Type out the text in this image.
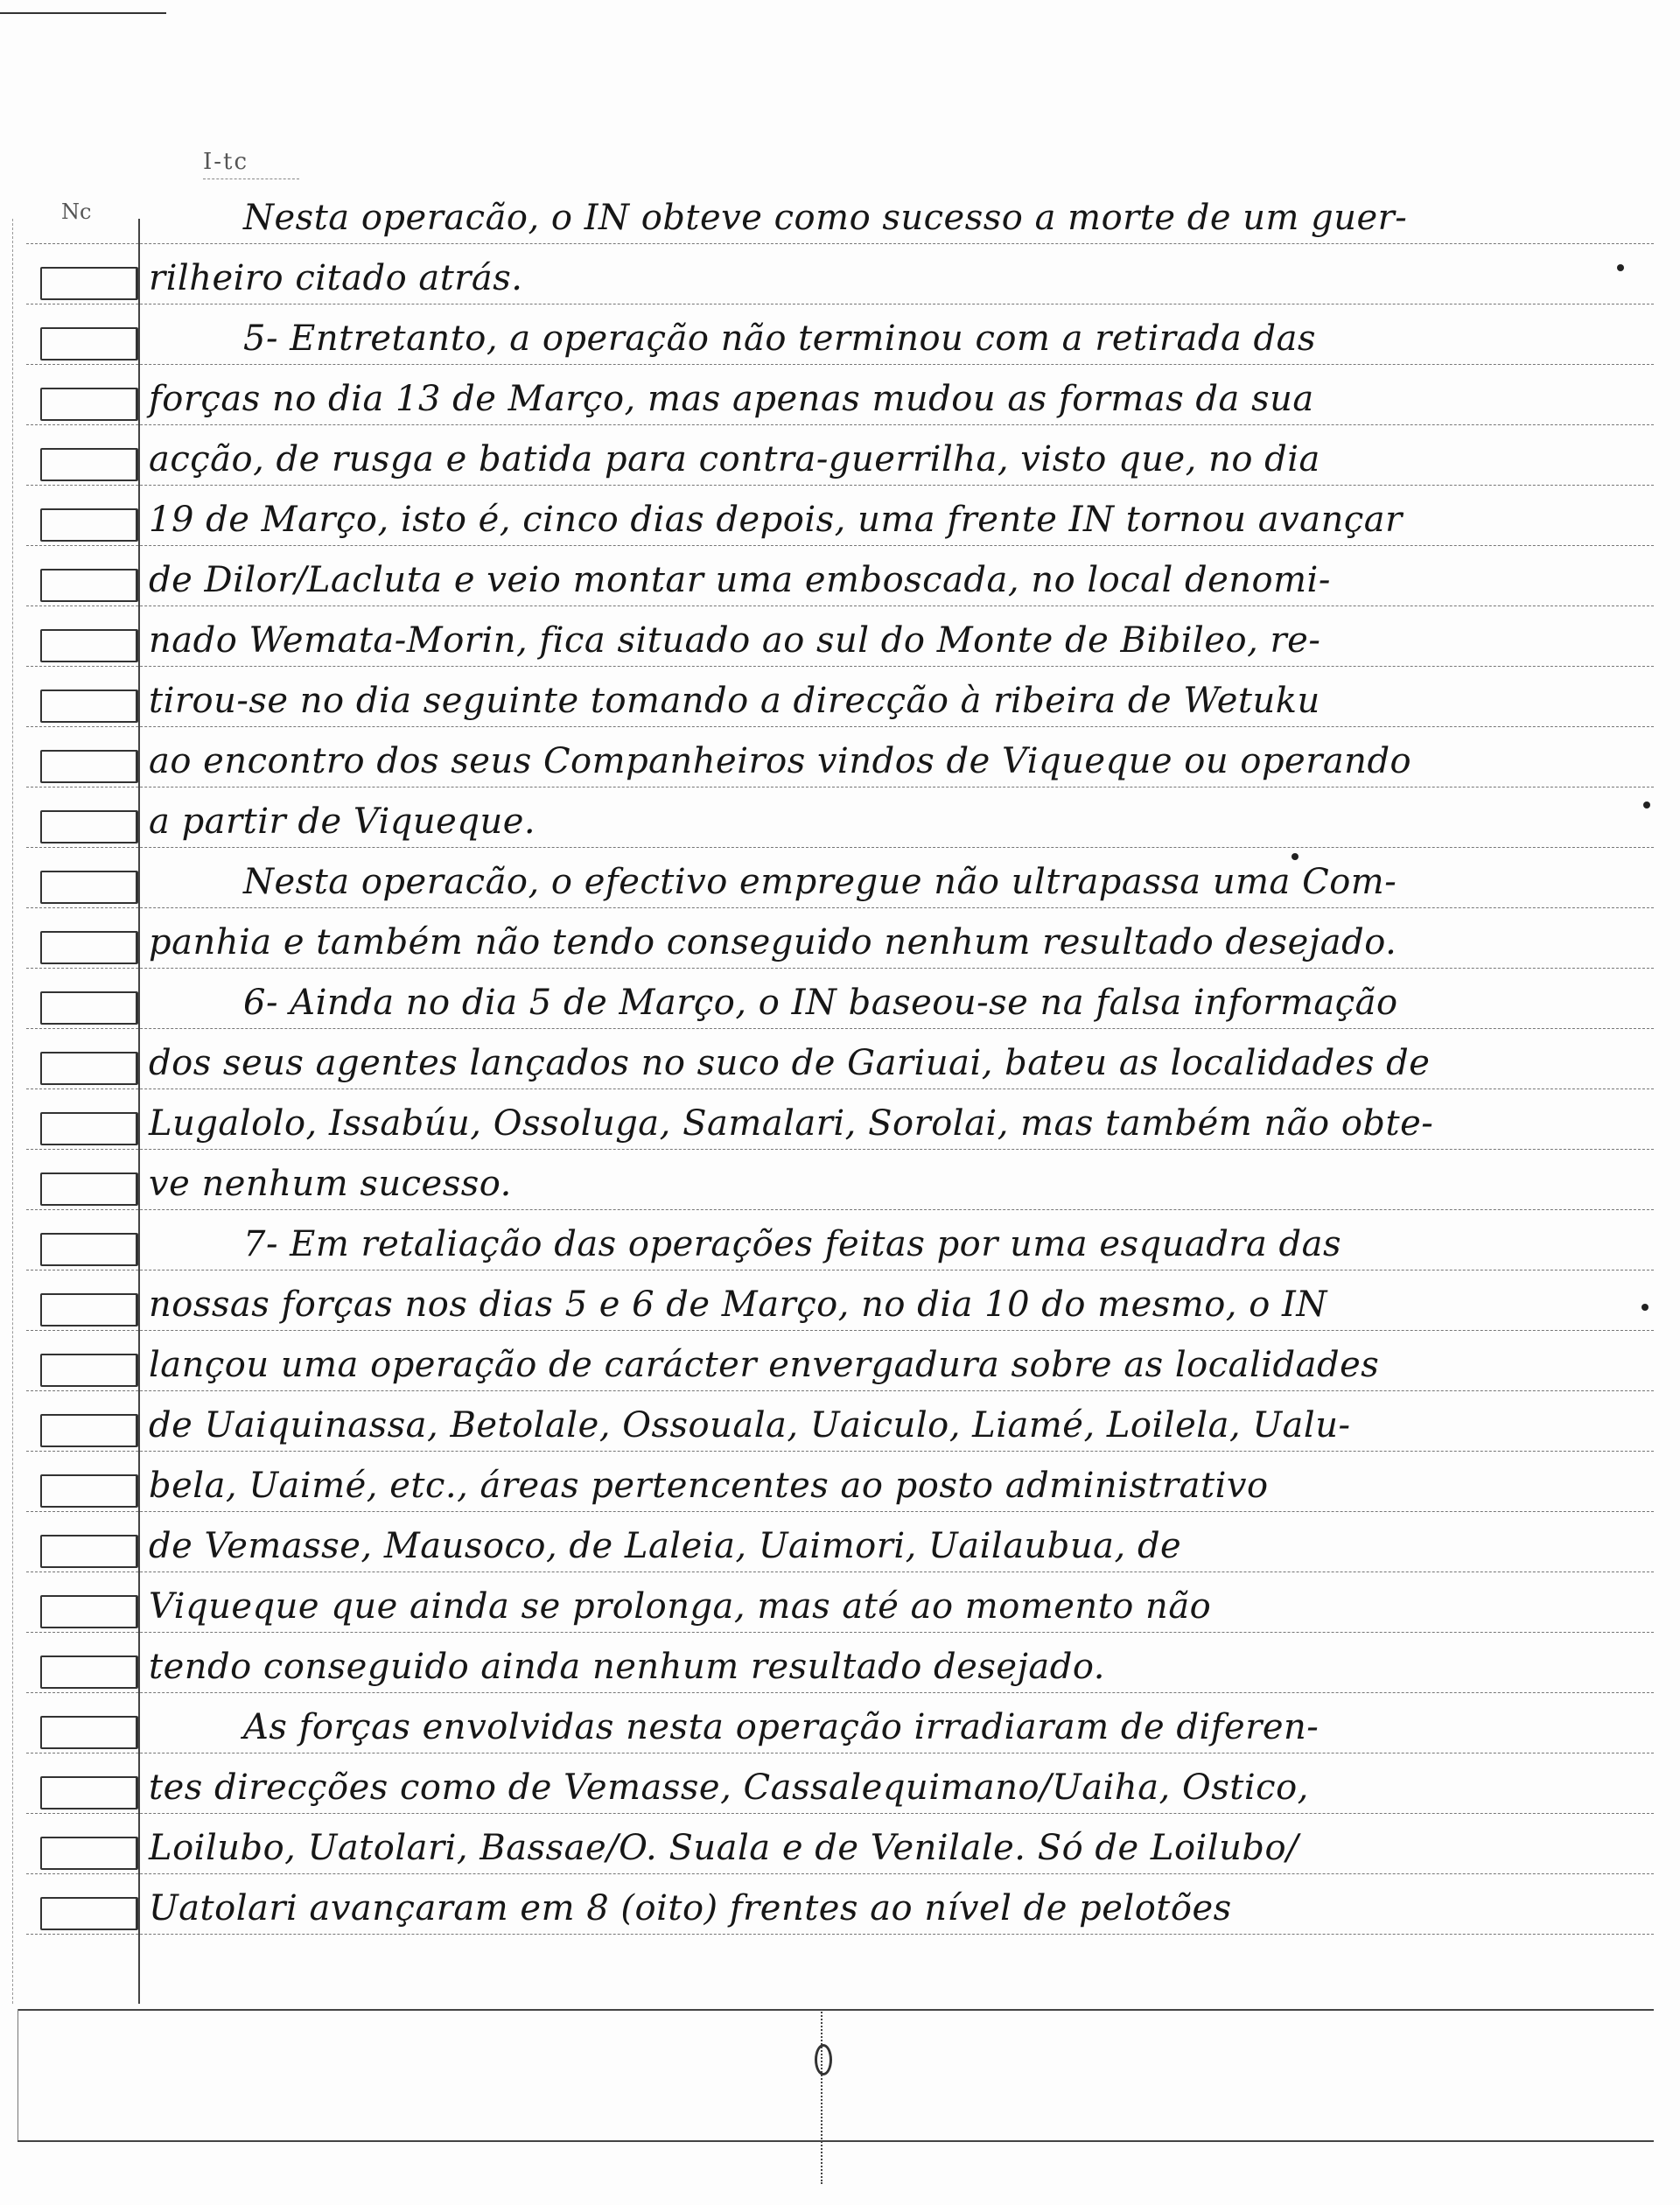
I-tc
Nc	Nesta operacão, o IN obteve como sucesso a morte de um guer-
rilheiro citado atrás.
5- Entretanto, a operação não terminou com a retirada das
forças no dia 13 de Março, mas apenas mudou as formas da sua
acção, de rusga e batida para contra-guerrilha, visto que, no dia
19 de Março, isto é, cinco dias depois, uma frente IN tornou avançar
de Dilor/Lacluta e veio montar uma emboscada, no local denomi-
nado Wemata-Morin, fica situado ao sul do Monte de Bibileo, re-
tirou-se no dia seguinte tomando a direcção à ribeira de Wetuku
ao encontro dos seus Companheiros vindos de Viqueque ou operando
a partir de Viqueque.
Nesta operacão, o efectivo empregue não ultrapassa uma Com-
panhia e também não tendo conseguido nenhum resultado desejado.
6- Ainda no dia 5 de Março, o IN baseou-se na falsa informação
dos seus agentes lançados no suco de Gariuai, bateu as localidades de
Lugalolo, Issabúu, Ossoluga, Samalari, Sorolai, mas também não obte-
ve nenhum sucesso.
7- Em retaliação das operações feitas por uma esquadra das
nossas forças nos dias 5 e 6 de Março, no dia 10 do mesmo, o IN
lançou uma operação de carácter envergadura sobre as localidades
de Uaiquinassa, Betolale, Ossouala, Uaiculo, Liamé, Loilela, Ualu-
bela, Uaimé, etc., áreas pertencentes ao posto administrativo
de Vemasse, Mausoco, de Laleia, Uaimori, Uailaubua, de
Viqueque que ainda se prolonga, mas até ao momento não
tendo conseguido ainda nenhum resultado desejado.
As forças envolvidas nesta operação irradiaram de diferen-
tes direcções como de Vemasse, Cassalequimano/Uaiha, Ostico,
Loilubo, Uatolari, Bassae/O. Suala e de Venilale. Só de Loilubo/
Uatolari avançaram em 8 (oito) frentes ao nível de pelotões
